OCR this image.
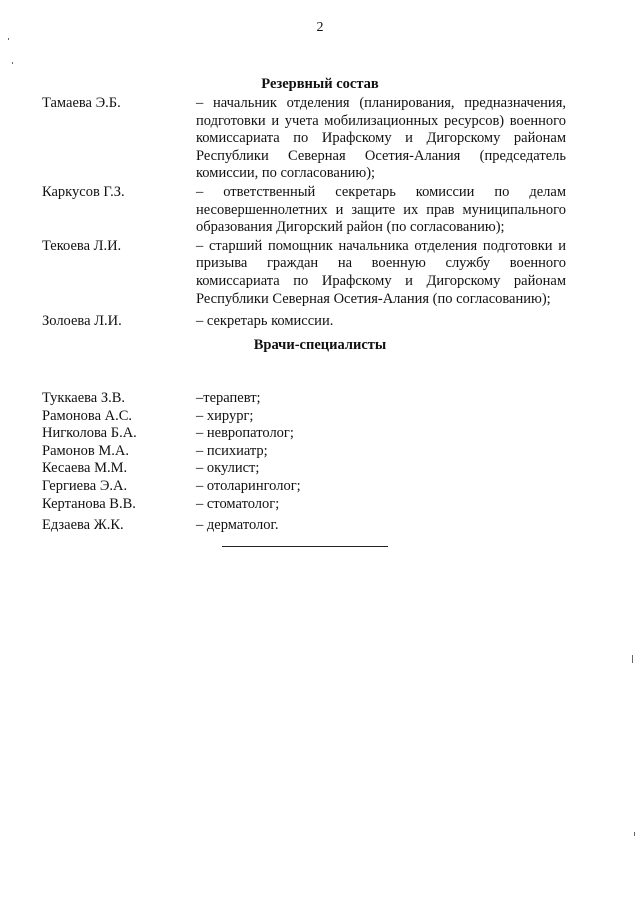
2
Резервный состав
Тамаева Э.Б.	– начальник отделения (планирования, предназначения, подготовки и учета мобилизационных ресурсов) военного комиссариата по Ирафскому и Дигорскому районам Республики Северная Осетия-Алания (председатель комиссии, по согласованию);
Каркусов Г.З.	– ответственный секретарь комиссии по делам несовершеннолетних и защите их прав муниципального образования Дигорский район (по согласованию);
Текоева Л.И.	– старший помощник начальника отделения подготовки и призыва граждан на военную службу военного комиссариата по Ирафскому и Дигорскому районам Республики Северная Осетия-Алания (по согласованию);
Золоева Л.И.	– секретарь комиссии.
Врачи-специалисты
Туккаева З.В.	–терапевт;
Рамонова А.С.	– хирург;
Нигколова Б.А.	– невропатолог;
Рамонов М.А.	– психиатр;
Кесаева М.М.	– окулист;
Гергиева Э.А.	– отоларинголог;
Кертанова В.В.	– стоматолог;
Едзаева Ж.К.	– дерматолог.
